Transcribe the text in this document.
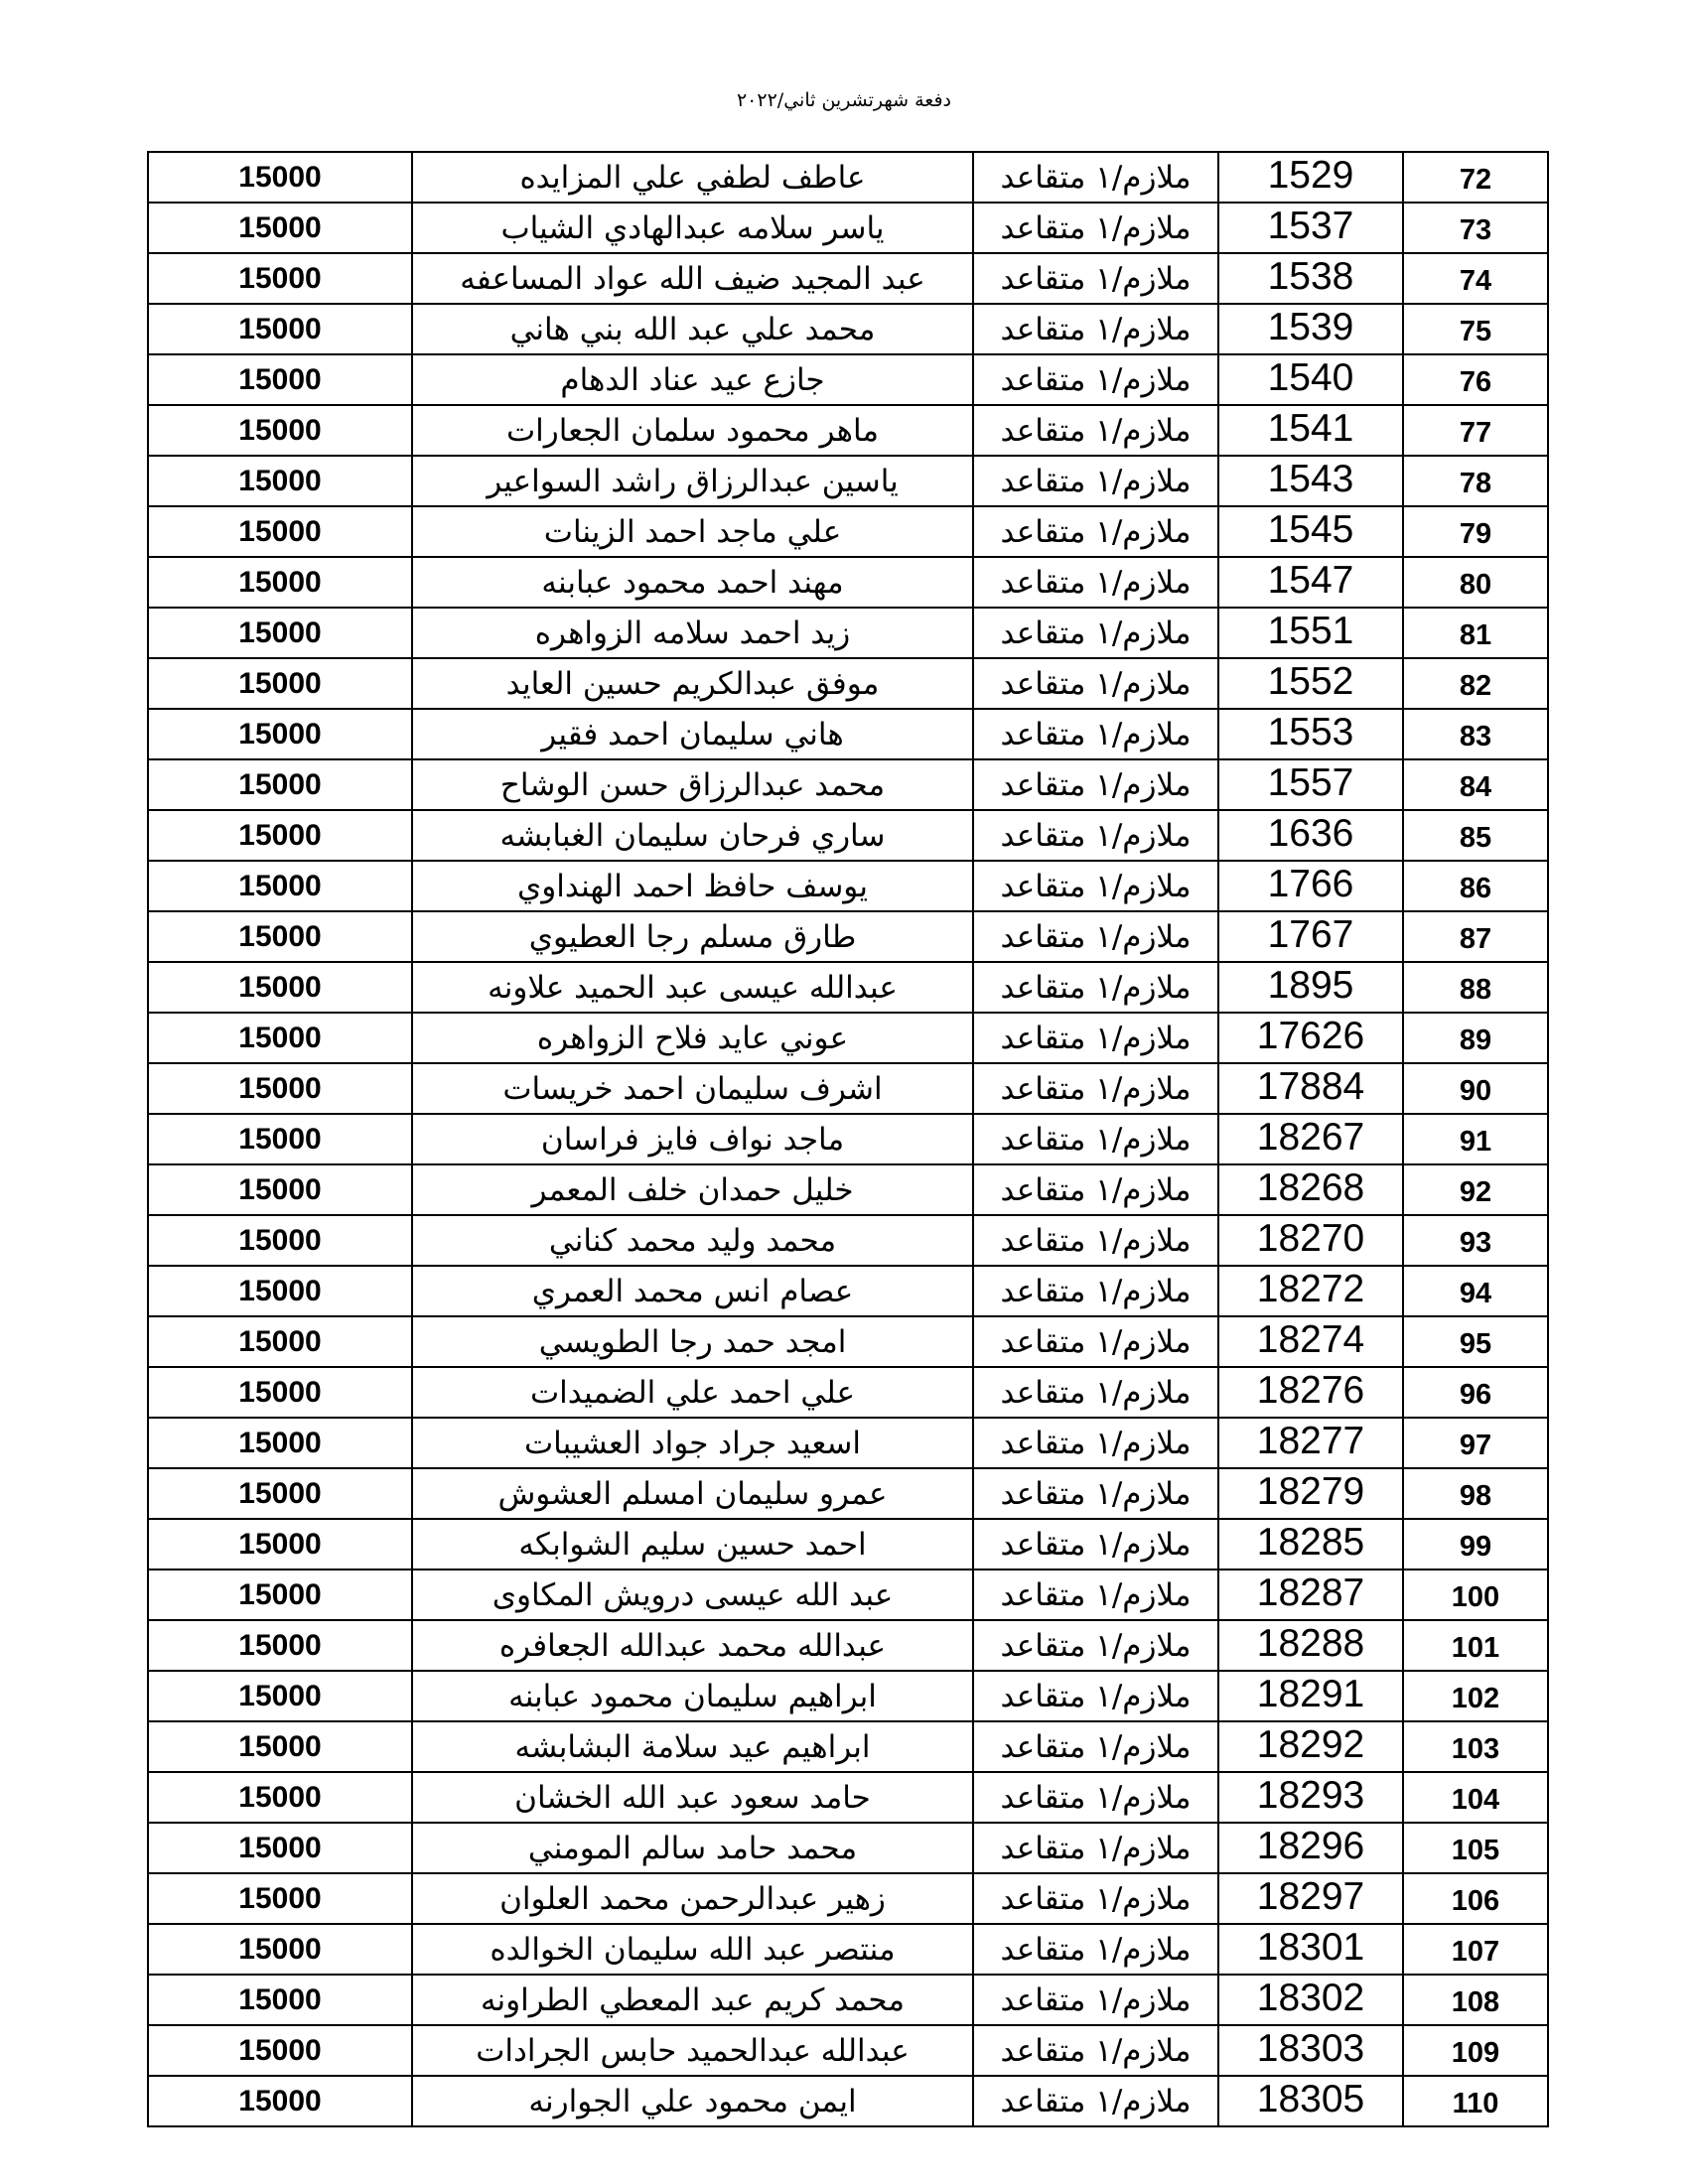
دفعة شهرتشرين ثاني/٢٠٢٢
72	1529	ملازم/١ متقاعد	عاطف لطفي علي المزايده	15000
73	1537	ملازم/١ متقاعد	ياسر سلامه عبدالهادي الشياب	15000
74	1538	ملازم/١ متقاعد	عبد المجيد ضيف الله عواد المساعفه	15000
75	1539	ملازم/١ متقاعد	محمد علي عبد الله بني هاني	15000
76	1540	ملازم/١ متقاعد	جازع عيد عناد الدهام	15000
77	1541	ملازم/١ متقاعد	ماهر محمود سلمان الجعارات	15000
78	1543	ملازم/١ متقاعد	ياسين عبدالرزاق راشد السواعير	15000
79	1545	ملازم/١ متقاعد	علي ماجد احمد الزينات	15000
80	1547	ملازم/١ متقاعد	مهند احمد محمود عبابنه	15000
81	1551	ملازم/١ متقاعد	زيد احمد سلامه الزواهره	15000
82	1552	ملازم/١ متقاعد	موفق عبدالكريم حسين العايد	15000
83	1553	ملازم/١ متقاعد	هاني سليمان احمد فقير	15000
84	1557	ملازم/١ متقاعد	محمد عبدالرزاق حسن الوشاح	15000
85	1636	ملازم/١ متقاعد	ساري فرحان سليمان الغبابشه	15000
86	1766	ملازم/١ متقاعد	يوسف حافظ احمد الهنداوي	15000
87	1767	ملازم/١ متقاعد	طارق مسلم رجا العطيوي	15000
88	1895	ملازم/١ متقاعد	عبدالله عيسى عبد الحميد علاونه	15000
89	17626	ملازم/١ متقاعد	عوني عايد فلاح الزواهره	15000
90	17884	ملازم/١ متقاعد	اشرف سليمان احمد خريسات	15000
91	18267	ملازم/١ متقاعد	ماجد نواف فايز فراسان	15000
92	18268	ملازم/١ متقاعد	خليل حمدان خلف المعمر	15000
93	18270	ملازم/١ متقاعد	محمد وليد محمد كناني	15000
94	18272	ملازم/١ متقاعد	عصام انس محمد العمري	15000
95	18274	ملازم/١ متقاعد	امجد حمد رجا الطويسي	15000
96	18276	ملازم/١ متقاعد	علي احمد علي الضميدات	15000
97	18277	ملازم/١ متقاعد	اسعيد جراد جواد العشيبات	15000
98	18279	ملازم/١ متقاعد	عمرو سليمان امسلم العشوش	15000
99	18285	ملازم/١ متقاعد	احمد حسين سليم الشوابكه	15000
100	18287	ملازم/١ متقاعد	عبد الله عيسى درويش المكاوى	15000
101	18288	ملازم/١ متقاعد	عبدالله محمد عبدالله الجعافره	15000
102	18291	ملازم/١ متقاعد	ابراهيم سليمان محمود عبابنه	15000
103	18292	ملازم/١ متقاعد	ابراهيم عيد سلامة البشابشه	15000
104	18293	ملازم/١ متقاعد	حامد سعود عبد الله الخشان	15000
105	18296	ملازم/١ متقاعد	محمد حامد سالم المومني	15000
106	18297	ملازم/١ متقاعد	زهير عبدالرحمن محمد العلوان	15000
107	18301	ملازم/١ متقاعد	منتصر عبد الله سليمان الخوالده	15000
108	18302	ملازم/١ متقاعد	محمد كريم عبد المعطي الطراونه	15000
109	18303	ملازم/١ متقاعد	عبدالله عبدالحميد حابس الجرادات	15000
110	18305	ملازم/١ متقاعد	ايمن محمود علي الجوارنه	15000
